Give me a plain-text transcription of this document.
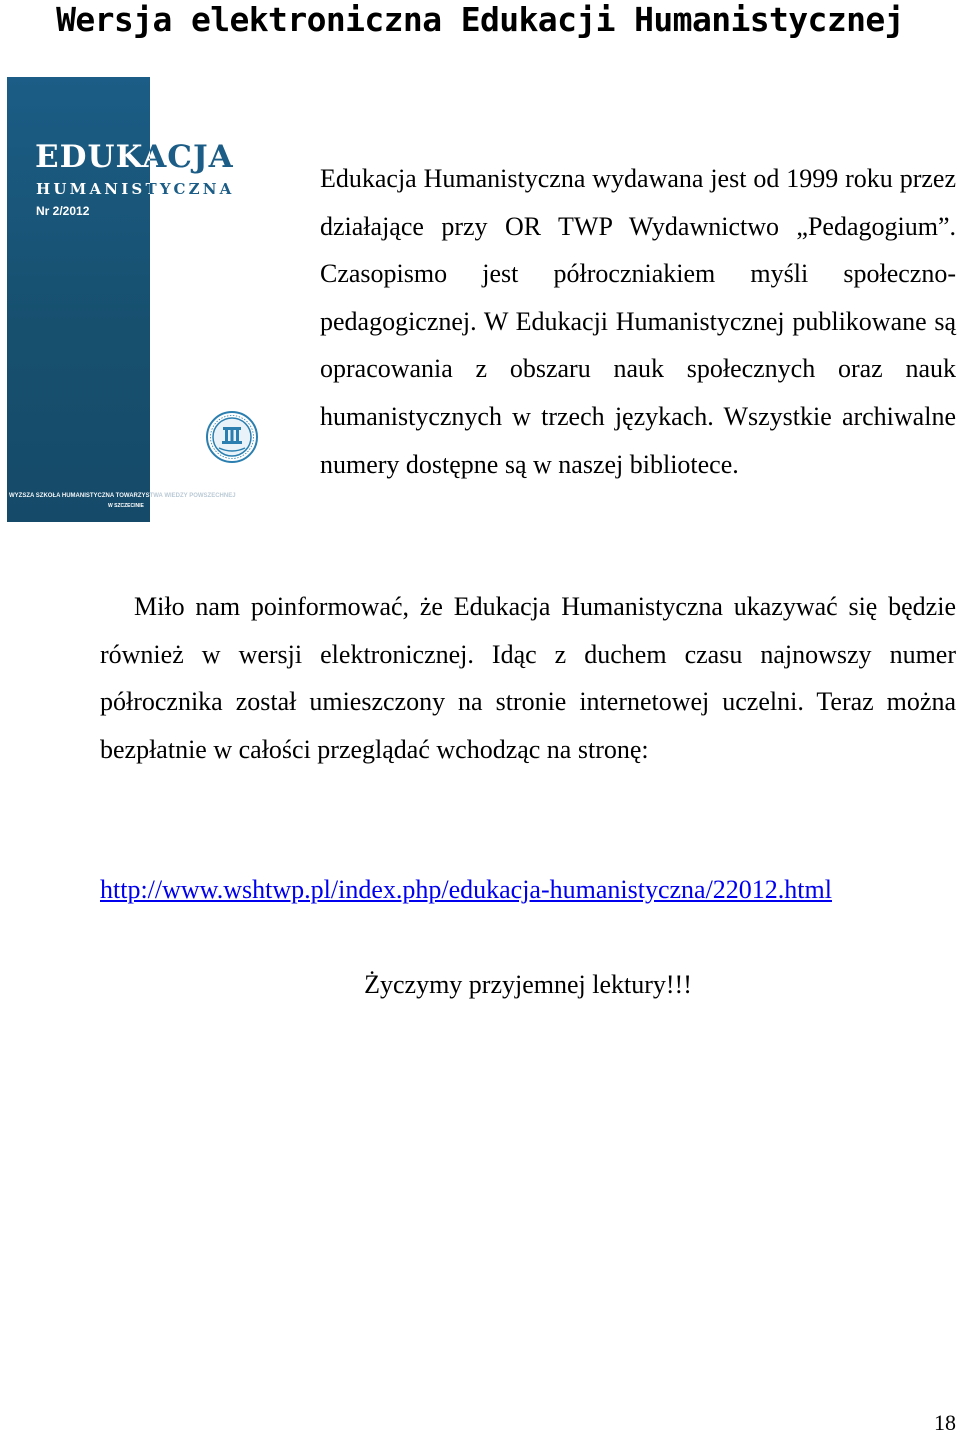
Wersja elektroniczna Edukacji Humanistycznej

EDUKACJA

HUMANISTYCZNA

Nr 2/2012

WYŻSZA SZKOŁA HUMANISTYCZNA TOWARZYSTWA WIEDZY POWSZECHNEJ

W SZCZECINIE

Edukacja Humanistyczna wydawana jest od 1999 roku przez działające przy OR TWP Wydawnictwo „Pedagogium”. Czasopismo jest półroczniakiem myśli społeczno-pedagogicznej. W Edukacji Humanistycznej publikowane są opracowania z obszaru nauk społecznych oraz nauk humanistycznych w trzech językach. Wszystkie archiwalne numery dostępne są w naszej bibliotece.

Miło nam poinformować, że Edukacja Humanistyczna ukazywać się będzie również w wersji elektronicznej. Idąc z duchem czasu najnowszy numer półrocznika został umieszczony na stronie internetowej uczelni. Teraz można bezpłatnie w całości przeglądać wchodząc na stronę:

http://www.wshtwp.pl/index.php/edukacja-humanistyczna/22012.html

Życzymy przyjemnej lektury!!!

18
